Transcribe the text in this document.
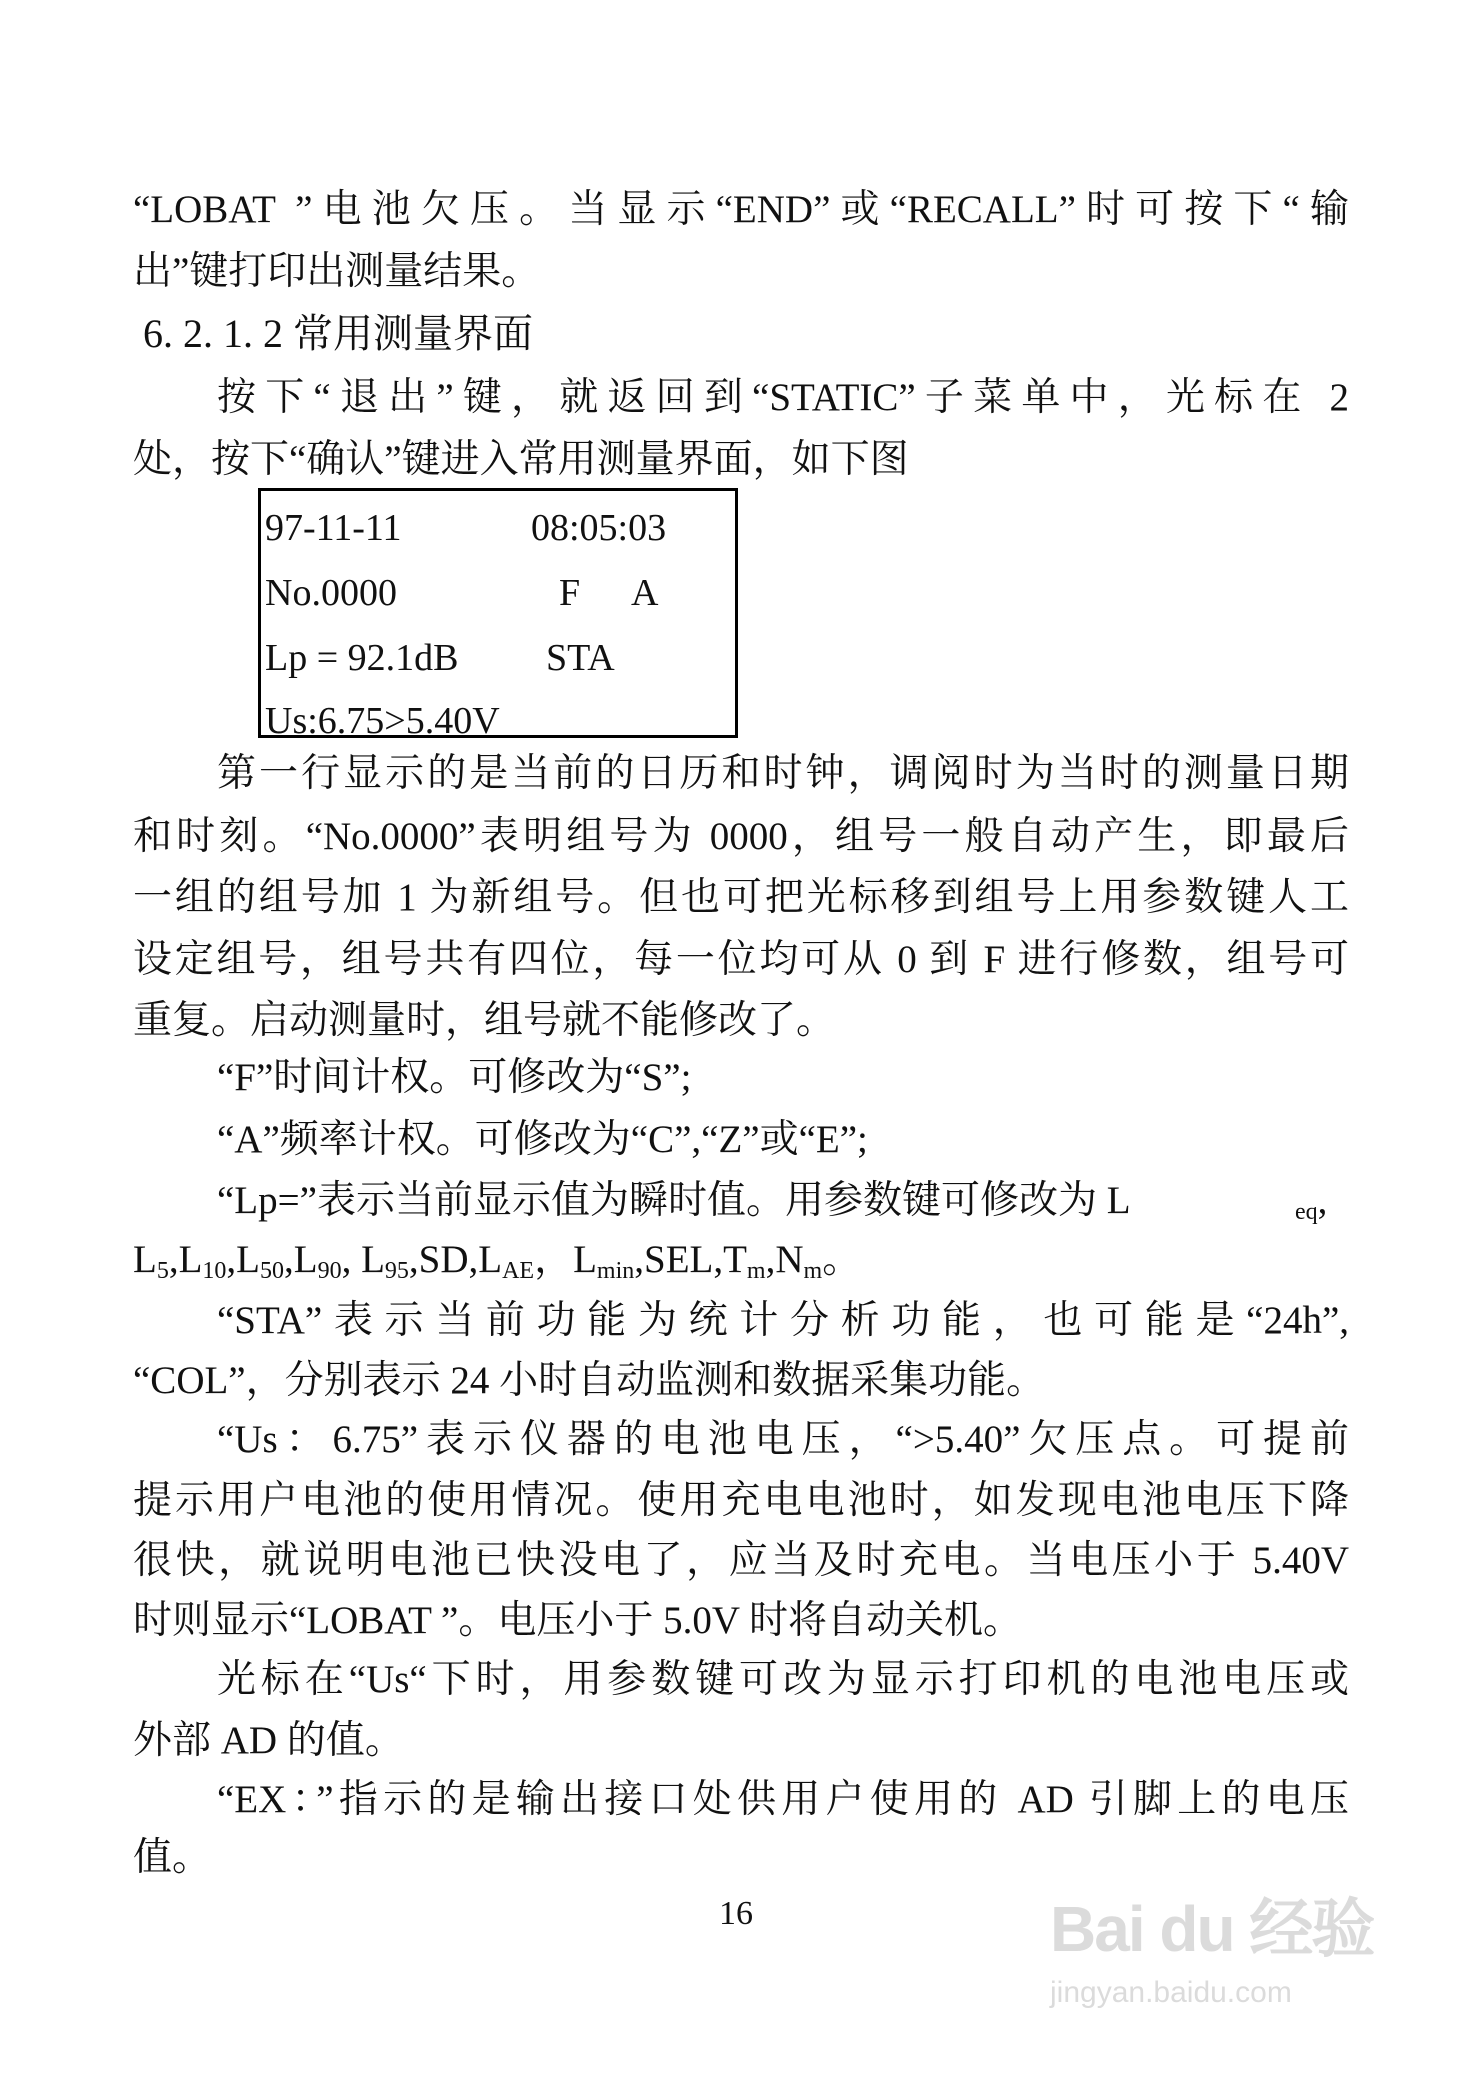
“LOBAT ”电池欠压。当显示“END”或“RECALL”时可按下“输
出”键打印出测量结果。
6. 2. 1. 2 常用测量界面
按下“退出”键，就返回到“STATIC”子菜单中，光标在 2
处，按下“确认”键进入常用测量界面，如下图
97-11-11	08:05:03
No.0000	F A
Lp = 92.1dB STA
Us:6.75>5.40V
第一行显示的是当前的日历和时钟，调阅时为当时的测量日期
和时刻。“No.0000”表明组号为 0000，组号一般自动产生，即最后
一组的组号加 1 为新组号。但也可把光标移到组号上用参数键人工
设定组号，组号共有四位，每一位均可从 0 到 F 进行修数，组号可
重复。启动测量时，组号就不能修改了。
“F”时间计权。可修改为“S”;
“A”频率计权。可修改为“C”,“Z”或“E”;
“Lp=”表示当前显示值为瞬时值。用参数键可修改为 L	$_{eq}$,
$L_5,L_{10},L_{50},L_{90}$, $L_{95},SD,L_{AE}$，$L_{min},SEL,T_m,N_m$。
“STA”表示当前功能为统计分析功能，也可能是“24h”,
“COL”，分别表示 24 小时自动监测和数据采集功能。
“Us：6.75”表示仪器的电池电压，“>5.40”欠压点。可提前
提示用户电池的使用情况。使用充电电池时，如发现电池电压下降
很快，就说明电池已快没电了，应当及时充电。当电压小于 5.40V
时则显示“LOBAT ”。电压小于 5.0V 时将自动关机。
光标在“Us“下时，用参数键可改为显示打印机的电池电压或
外部 AD 的值。
“EX：”指示的是输出接口处供用户使用的 AD 引脚上的电压
值。
16	Bai du 经验
jingyan.baidu.com
